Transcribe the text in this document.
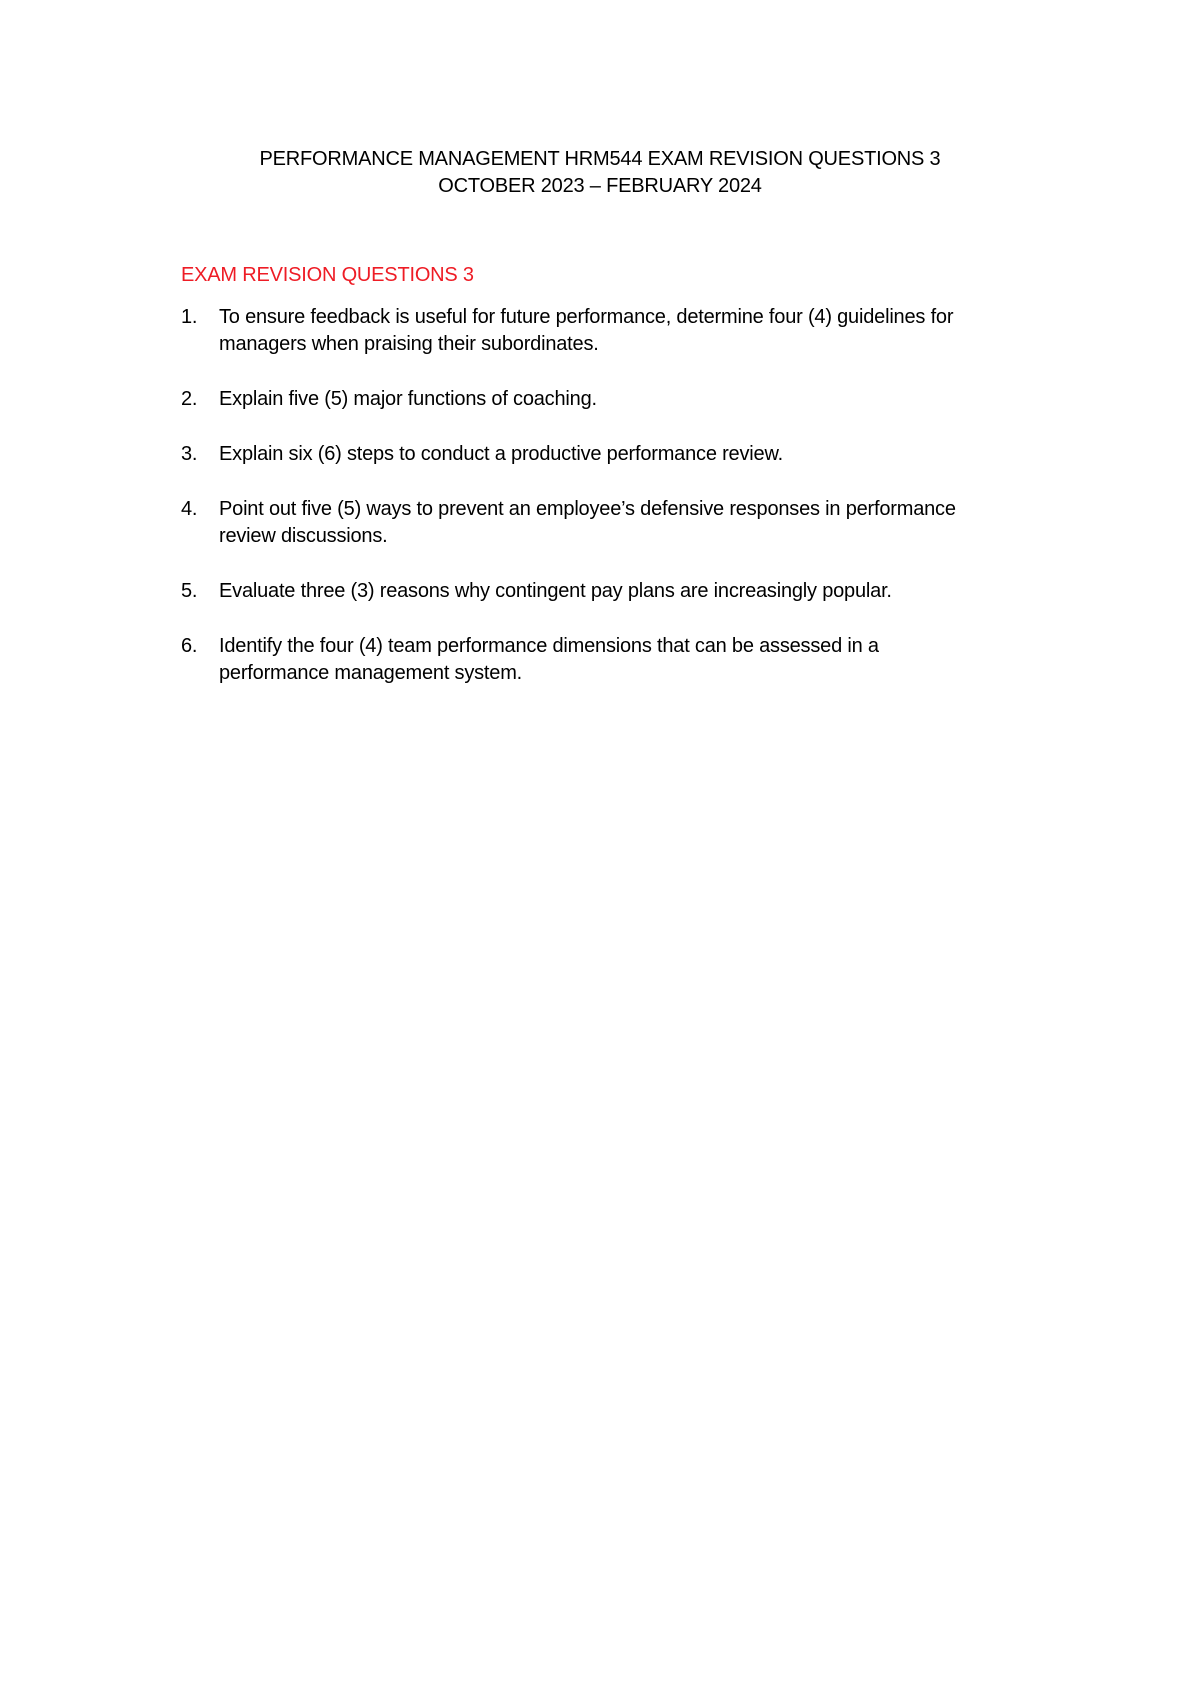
PERFORMANCE MANAGEMENT HRM544 EXAM REVISION QUESTIONS 3
OCTOBER 2023 – FEBRUARY 2024
EXAM REVISION QUESTIONS 3
1. To ensure feedback is useful for future performance, determine four (4) guidelines for
managers when praising their subordinates.
2. Explain five (5) major functions of coaching.
3. Explain six (6) steps to conduct a productive performance review.
4. Point out five (5) ways to prevent an employee’s defensive responses in performance
review discussions.
5. Evaluate three (3) reasons why contingent pay plans are increasingly popular.
6. Identify the four (4) team performance dimensions that can be assessed in a
performance management system.
